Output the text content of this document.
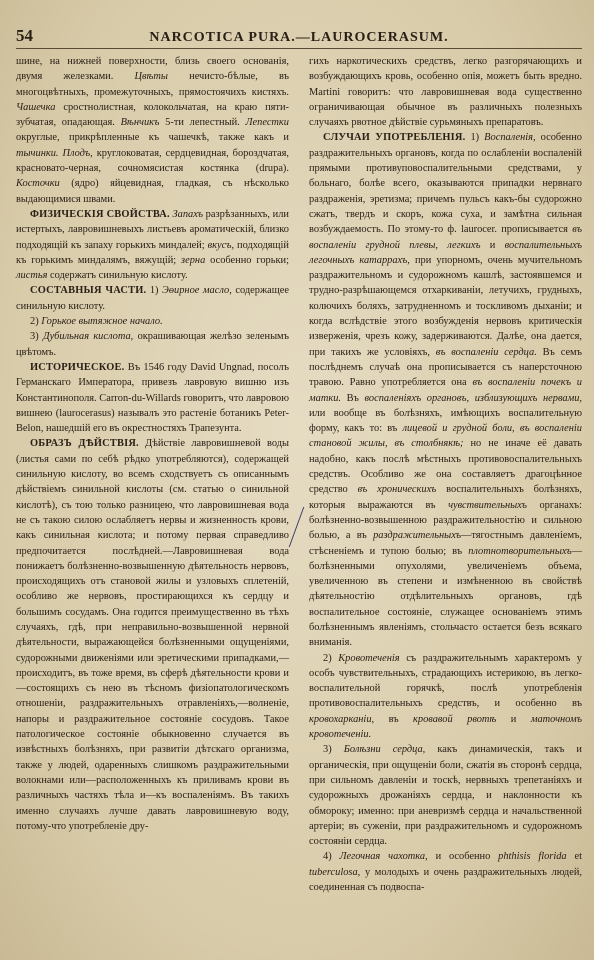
54	NARCOTICA PURA.—LAUROCERASUM.

шине, на нижней поверхности, близь своего основанія, двумя железками. Цвѣты нечисто-бѣлые, въ многоцвѣтныхъ, промежуточныхъ, прямостоячихъ кистяхъ. Чашечка сростнолистная, колокольчатая, на краю пяти-зубчатая, опадающая. Вѣнчикъ 5-ти лепестный. Лепестки округлые, прикрѣпленные къ чашечкѣ, также какъ и тычинки. Плодъ, круглоковатая, сердцевидная, бороздчатая, красновато-черная, сочномясистая костянка (drupa). Косточки (ядро) яйцевидная, гладкая, съ нѣсколько выдающимися швами.

ФИЗИЧЕСКІЯ СВОЙСТВА. Запахъ разрѣзанныхъ, или истертыхъ, лавровишневыхъ листьевъ ароматическій, близко подходящій къ запаху горькихъ миндалей; вкусъ, подходящій къ горькимъ миндалямъ, вяжущій; зерна особенно горьки; листья содержатъ синильную кислоту.

СОСТАВНЫЯ ЧАСТИ. 1) Эѳирное масло, содержащее синильную кислоту.

2) Горькое вытяжное начало.

3) Дубильная кислота, окрашивающая желѣзо зеленымъ цвѣтомъ.

ИСТОРИЧЕСКОЕ. Въ 1546 году David Ungnad, посолъ Германскаго Императора, привезъ лавровую вишню изъ Константинополя. Carron-du-Willards говоритъ, что лавровою вишнею (laurocerasus) называлъ это растеніе ботаникъ Peter-Belon, нашедшій его въ окрестностяхъ Трапезунта.

ОБРАЗЪ ДѢЙСТВІЯ. Дѣйствіе лавровишневой воды (листья сами по себѣ рѣдко употребляются), содержащей синильную кислоту, во всемъ сходствуетъ съ описаннымъ дѣйствіемъ синильной кислоты (см. статью о синильной кислотѣ), съ тою только разницею, что лавровишневая вода не съ такою силою ослабляетъ нервы и жизненность крови, какъ синильная кислота; и потому первая справедливо предпочитается послѣдней.—Лавровишневая вода понижаетъ болѣзненно-возвышенную дѣятельность нервовъ, происходящихъ отъ становой жилы и узловыхъ сплетеній, особливо же нервовъ, простирающихся къ сердцу и большимъ сосудамъ. Она годится преимущественно въ тѣхъ случаяхъ, гдѣ, при неправильно-возвышенной нервной дѣятельности, выражающейся болѣзненными ощущеніями, судорожными движеніями или эретическими припадками,—происходитъ, въ тоже время, въ сферѣ дѣятельности крови и—состоящихъ съ нею въ тѣсномъ физіопатологическомъ отношеніи, раздражительныхъ отравленіяхъ,—волненіе, напоры и раздражительное состояніе сосудовъ. Такое патологическое состояніе обыкновенно случается въ извѣстныхъ болѣзняхъ, при развитіи дѣтскаго организма, также у людей, одаренныхъ слишкомъ раздражительными волокнами или—расположенныхъ къ приливамъ крови въ различныхъ частяхъ тѣла и—къ воспаленіямъ. Въ такихъ именно случаяхъ лучше давать лавровишневую воду, потому-что употребленіе дру-

гихъ наркотическихъ средствъ, легко разгорячающихъ и возбуждающихъ кровь, особенно опія, можетъ быть вредно. Martini говоритъ: что лавровишневая вода существенно ограничивающая обычное въ различныхъ полезныхъ случаяхъ рвотное дѣйствіе сурьмяныхъ препаратовъ.

СЛУЧАИ УПОТРЕБЛЕНІЯ. 1) Воспаленія, особенно раздражительныхъ органовъ, когда по ослабленіи воспаленій прямыми противуповоспалительными средствами, у больнаго, болѣе всего, оказываются припадки нервнаго раздраженія, эретизма; причемъ пульсъ какъ-бы судорожно сжатъ, твердъ и скоръ, кожа суха, и замѣтна сильная возбуждаемость. По этому-то ф. laurocer. прописывается въ воспаленіи грудной плевы, легкихъ и воспалительныхъ легочныхъ катаррахъ, при упорномъ, очень мучительномъ раздражительномъ и судорожномъ кашлѣ, застоявшемся и трудно-разрѣшающемся отхаркиваніи, летучихъ, грудныхъ, колючихъ боляхъ, затрудненномъ и тоскливомъ дыханіи; и когда вслѣдствіе этого возбужденія нервовъ критическія изверженія, чрезъ кожу, задерживаются. Далѣе, она дается, при такихъ же условіяхъ, въ воспаленіи сердца. Въ семъ послѣднемъ случаѣ она прописывается съ наперсточною травою. Равно употребляется она въ воспаленіи почекъ и матки. Въ воспаленіяхъ органовъ, изблизующихъ нервами, или вообще въ болѣзняхъ, имѣющихъ воспалительную форму, какъ то: въ лицевой и грудной боли, въ воспаленіи становой жилы, въ столбнякѣ; но не иначе её давать надобно, какъ послѣ мѣстныхъ противовоспалительныхъ средствъ. Особливо же она составляетъ драгоцѣнное средство въ хроническихъ воспалительныхъ болѣзняхъ, которыя выражаются въ чувствительныхъ органахъ: болѣзненно-возвышенною раздражительностію и сильною болью, а въ раздражительныхъ—тягостнымъ давленіемъ, стѣсненіемъ и тупою болью; въ плотнотворительныхъ—болѣзненными опухолями, увеличеніемъ объема, увеличенною въ степени и измѣненною въ свойствѣ дѣятельностію отдѣлительныхъ органовъ, гдѣ воспалительное состояніе, служащее основаніемъ этимъ болѣзненнымъ явленіямъ, стольчасто остается безъ всякаго вниманія.

2) Кровотеченія съ раздражительнымъ характеромъ у особъ чувствительныхъ, страдающихъ истерикою, въ легко-воспалительной горячкѣ, послѣ употребленія противовоспалительныхъ средствъ, и особенно въ кровохарканіи, въ кровавой рвотѣ и маточномъ кровотеченіи.

3) Болѣзни сердца, какъ динамическія, такъ и органическія, при ощущеніи боли, сжатія въ сторонѣ сердца, при сильномъ давленіи и тоскѣ, нервныхъ трепетаніяхъ и судорожныхъ дрожаніяхъ сердца, и наклонности къ обмороку; именно: при аневризмѣ сердца и начальственной артеріи; въ суженіи, при раздражительномъ и судорожномъ состояніи сердца.

4) Легочная чахотка, и особенно phthisis florida et tuberculosa, у молодыхъ и очень раздражительныхъ людей, соединенная съ подвоспа-
